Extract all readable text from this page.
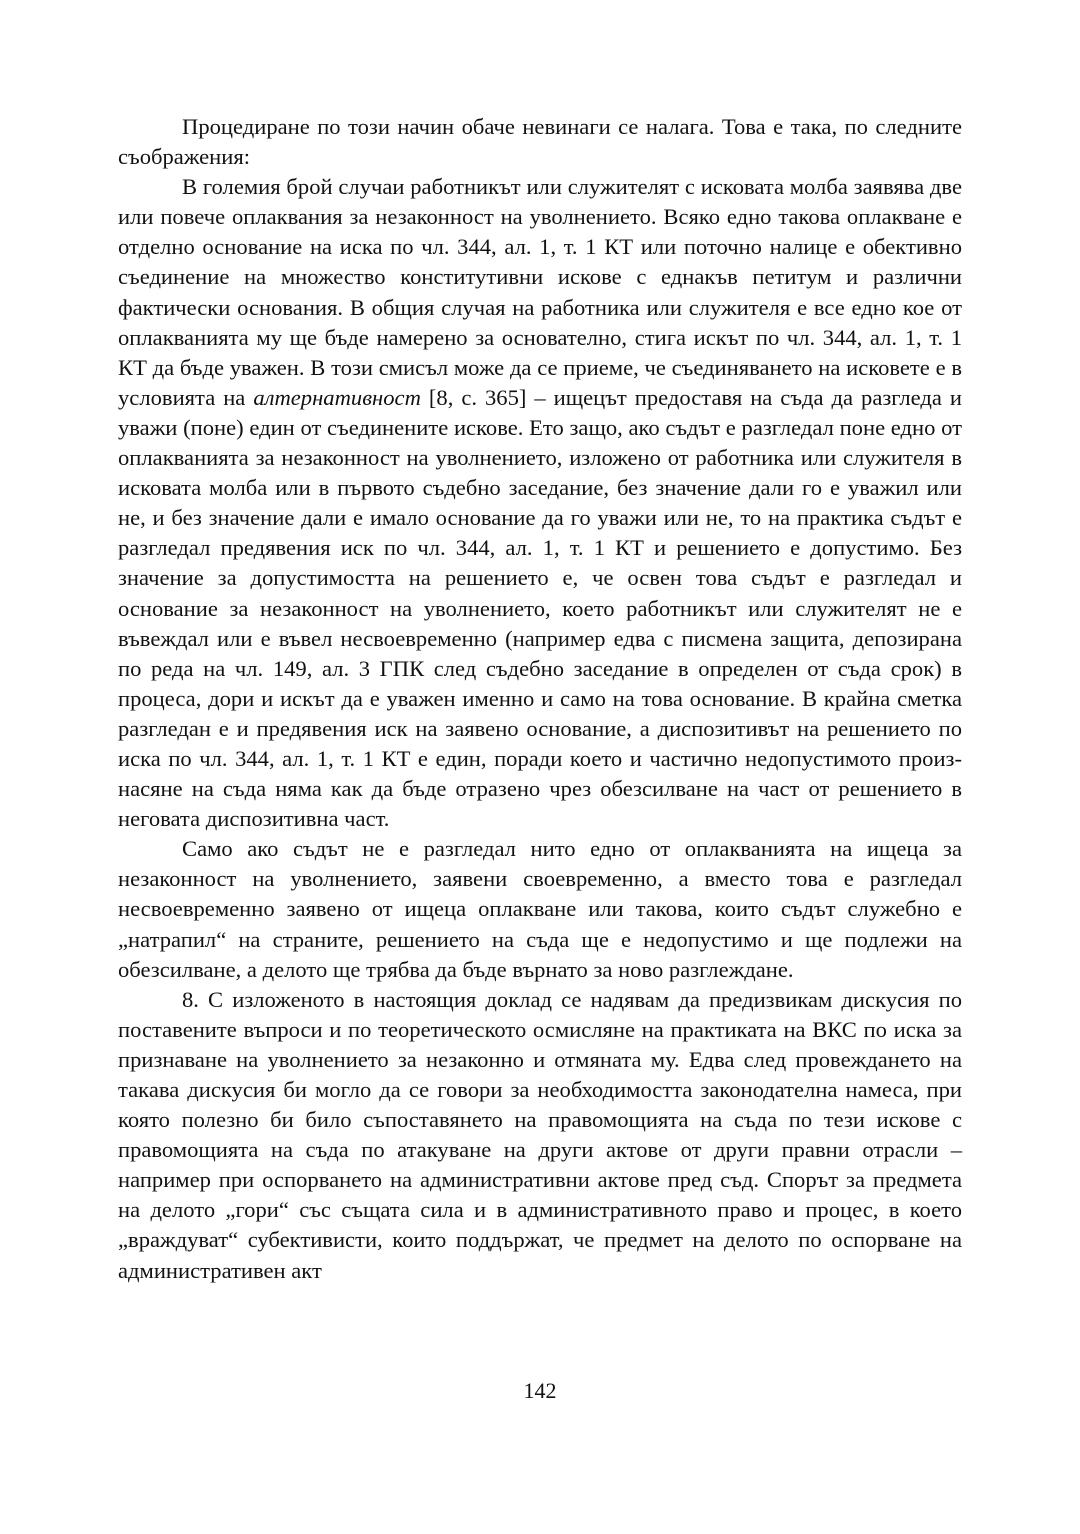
Процедиране по този начин обаче невинаги се налага. Това е така, по следните съображения:

В големия брой случаи работникът или служителят с исковата молба заявява две или повече оплаквания за незаконност на уволнението. Всяко едно такова оплакване е отделно основание на иска по чл. 344, ал. 1, т. 1 КТ или поточно налице е обективно съединение на множество конститутивни искове с еднакъв петитум и различни фактически основания. В общия случая на работника или служителя е все едно кое от оплакванията му ще бъде намерено за основателно, стига искът по чл. 344, ал. 1, т. 1 КТ да бъде уважен. В този смисъл може да се приеме, че съединяването на исковете е в условията на алтернативност [8, с. 365] – ищецът предоставя на съда да разгледа и уважи (поне) един от съединените искове. Ето защо, ако съдът е разгледал поне едно от оплакванията за незаконност на уволнението, изложено от работника или служителя в исковата молба или в първото съдебно заседание, без значение дали го е уважил или не, и без значение дали е имало основание да го уважи или не, то на практика съдът е разгледал предявения иск по чл. 344, ал. 1, т. 1 КТ и решението е допустимо. Без значение за допустимостта на решението е, че освен това съдът е разгледал и основание за незаконност на уволнението, което работникът или служителят не е въвеждал или е въвел несвоевременно (например едва с писмена защита, депозирана по реда на чл. 149, ал. 3 ГПК след съдебно заседание в определен от съда срок) в процеса, дори и искът да е уважен именно и само на това основание. В крайна сметка разгледан е и предявения иск на заявено основание, а диспозитивът на решението по иска по чл. 344, ал. 1, т. 1 КТ е един, поради което и частично недопустимото произнасяне на съда няма как да бъде отразено чрез обезсилване на част от решението в неговата диспозитивна част.

Само ако съдът не е разгледал нито едно от оплакванията на ищеца за незаконност на уволнението, заявени своевременно, а вместо това е разгледал несвоевременно заявено от ищеца оплакване или такова, които съдът служебно е „натрапил“ на страните, решението на съда ще е недопустимо и ще подлежи на обезсилване, а делото ще трябва да бъде върнато за ново разглеждане.

8. С изложеното в настоящия доклад се надявам да предизвикам дискусия по поставените въпроси и по теоретическото осмисляне на практиката на ВКС по иска за признаване на уволнението за незаконно и отмяната му. Едва след провеждането на такава дискусия би могло да се говори за необходимостта законодателна намеса, при която полезно би било съпоставянето на правомощията на съда по тези искове с правомощията на съда по атакуване на други актове от други правни отрасли – например при оспорването на административни актове пред съд. Спорът за предмета на делото „гори“ със същата сила и в административното право и процес, в което „враждуват“ субективисти, които поддържат, че предмет на делото по оспорване на административен акт

142
